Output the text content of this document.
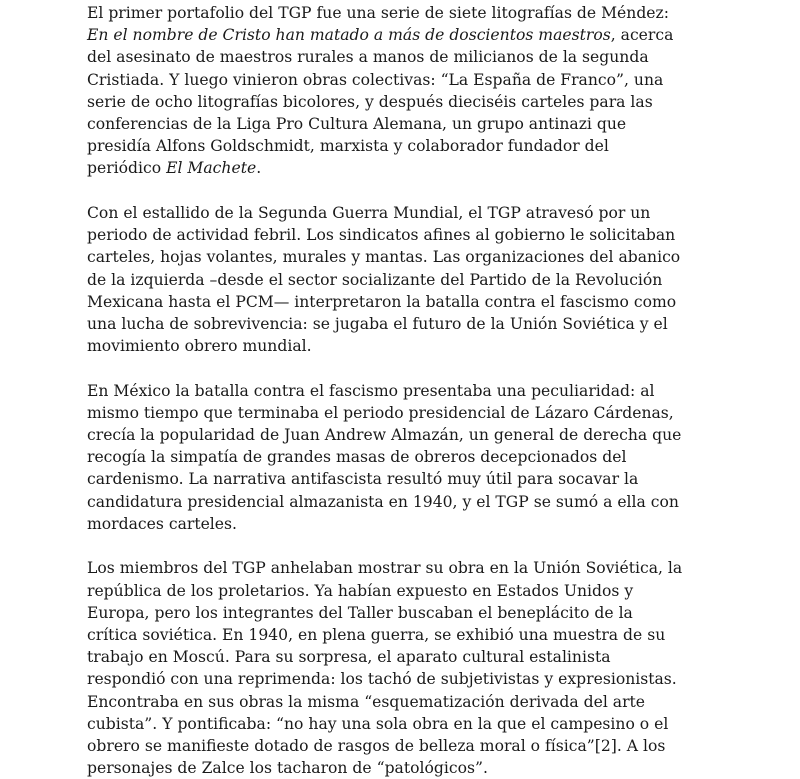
El primer portafolio del TGP fue una serie de siete litografías de Méndez: En el nombre de Cristo han matado a más de doscientos maestros, acerca del asesinato de maestros rurales a manos de milicianos de la segunda Cristiada. Y luego vinieron obras colectivas: “La España de Franco”, una serie de ocho litografías bicolores, y después dieciséis carteles para las conferencias de la Liga Pro Cultura Alemana, un grupo antinazi que presidía Alfons Goldschmidt, marxista y colaborador fundador del periódico El Machete.

Con el estallido de la Segunda Guerra Mundial, el TGP atravesó por un periodo de actividad febril. Los sindicatos afines al gobierno le solicitaban carteles, hojas volantes, murales y mantas. Las organizaciones del abanico de la izquierda –desde el sector socializante del Partido de la Revolución Mexicana hasta el PCM— interpretaron la batalla contra el fascismo como una lucha de sobrevivencia: se jugaba el futuro de la Unión Soviética y el movimiento obrero mundial.

En México la batalla contra el fascismo presentaba una peculiaridad: al mismo tiempo que terminaba el periodo presidencial de Lázaro Cárdenas, crecía la popularidad de Juan Andrew Almazán, un general de derecha que recogía la simpatía de grandes masas de obreros decepcionados del cardenismo. La narrativa antifascista resultó muy útil para socavar la candidatura presidencial almazanista en 1940, y el TGP se sumó a ella con mordaces carteles.

Los miembros del TGP anhelaban mostrar su obra en la Unión Soviética, la república de los proletarios. Ya habían expuesto en Estados Unidos y Europa, pero los integrantes del Taller buscaban el beneplácito de la crítica soviética. En 1940, en plena guerra, se exhibió una muestra de su trabajo en Moscú. Para su sorpresa, el aparato cultural estalinista respondió con una reprimenda: los tachó de subjetivistas y expresionistas. Encontraba en sus obras la misma “esquematización derivada del arte cubista”. Y pontificaba: “no hay una sola obra en la que el campesino o el obrero se manifieste dotado de rasgos de belleza moral o física”[2]. A los personajes de Zalce los tacharon de “patológicos”.
